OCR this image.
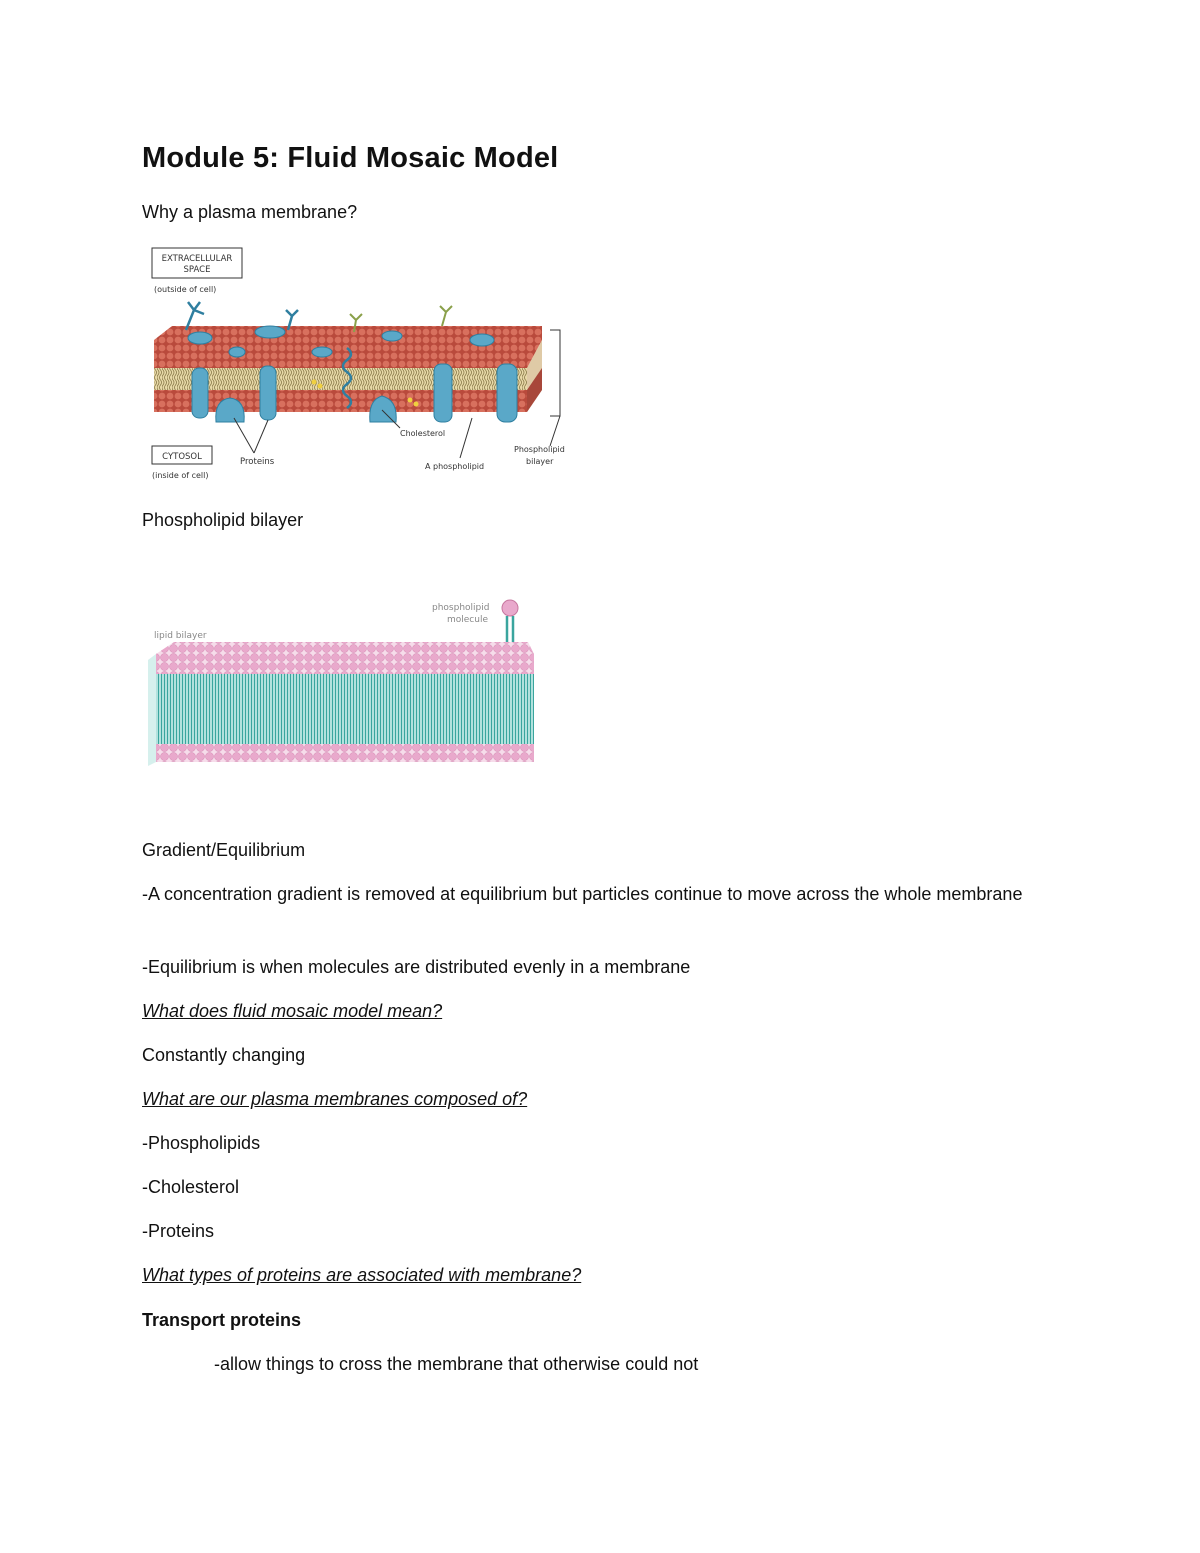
Module 5: Fluid Mosaic Model
Why a plasma membrane?
EXTRACELLULAR
SPACE
(outside of cell)
Proteins
Cholesterol
A phospholipid
Phospholipid
bilayer
CYTOSOL
(inside of cell)
Phospholipid bilayer
lipid bilayer
phospholipid
molecule
Gradient/Equilibrium
-A concentration gradient is removed at equilibrium but particles continue to move across the whole membrane
-Equilibrium is when molecules are distributed evenly in a membrane
What does fluid mosaic model mean?
Constantly changing
What are our plasma membranes composed of?
-Phospholipids
-Cholesterol
-Proteins
What types of proteins are associated with membrane?
Transport proteins
-allow things to cross the membrane that otherwise could not
